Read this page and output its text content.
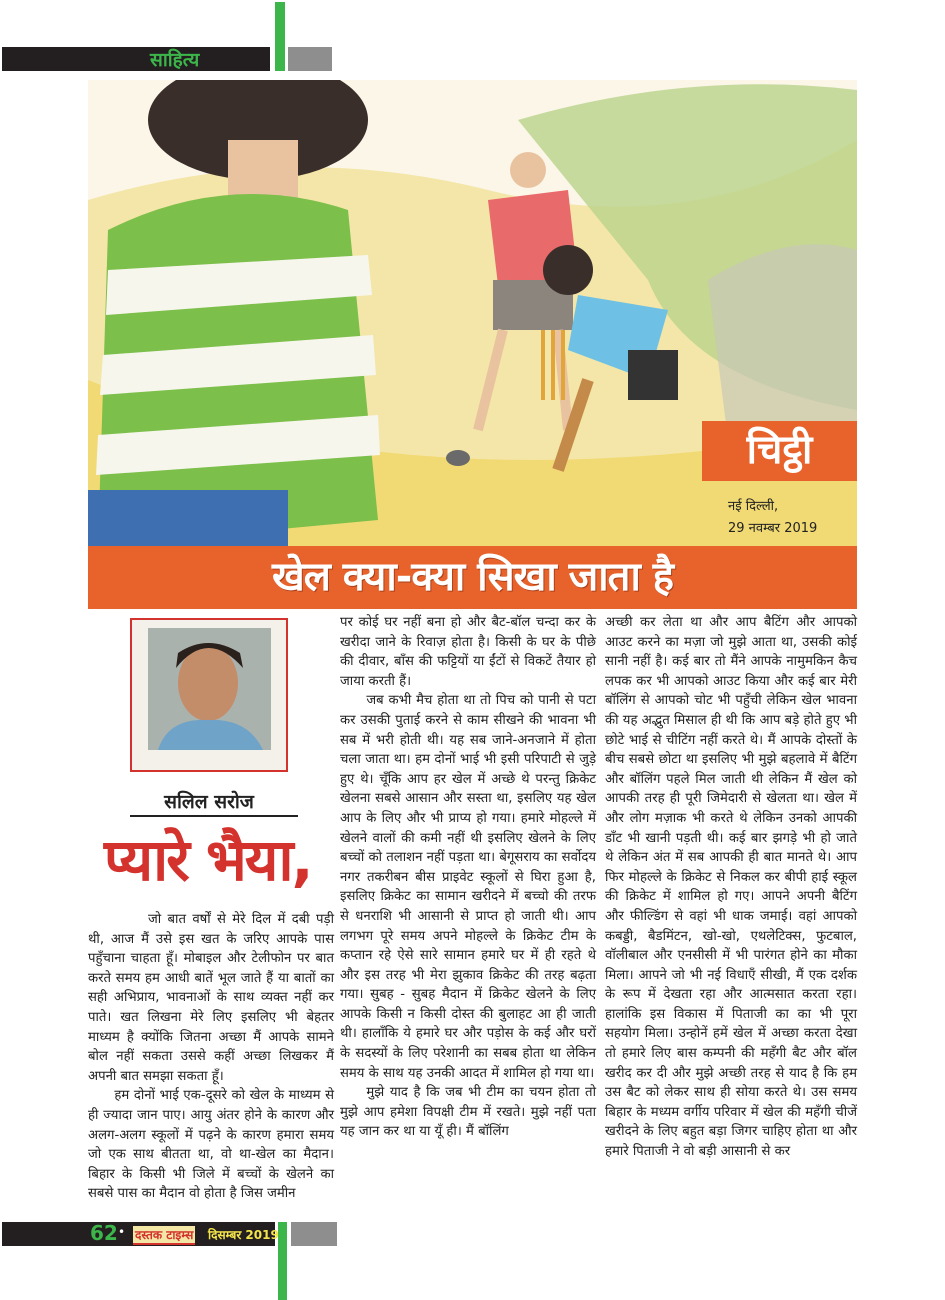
साहित्य
चिट्ठी
नई दिल्ली,
29 नवम्बर 2019
खेल क्या-क्या सिखा जाता है
सलिल सरोज
प्यारे भैया,

जो बात वर्षों से मेरे दिल में दबी पड़ी थी, आज मैं उसे इस खत के जरिए आपके पास पहुँचाना चाहता हूँ। मोबाइल और टेलीफोन पर बात करते समय हम आधी बातें भूल जाते हैं या बातों का सही अभिप्राय, भावनाओं के साथ व्यक्त नहीं कर पाते। खत लिखना मेरे लिए इसलिए भी बेहतर माध्यम है क्योंकि जितना अच्छा मैं आपके सामने बोल नहीं सकता उससे कहीं अच्छा लिखकर मैं अपनी बात समझा सकता हूँ।

हम दोनों भाई एक-दूसरे को खेल के माध्यम से ही ज्यादा जान पाए। आयु अंतर होने के कारण और अलग-अलग स्कूलों में पढ़ने के कारण हमारा समय जो एक साथ बीतता था, वो था-खेल का मैदान। बिहार के किसी भी जिले में बच्चों के खेलने का सबसे पास का मैदान वो होता है जिस जमीन

पर कोई घर नहीं बना हो और बैट-बॉल चन्दा कर के खरीदा जाने के रिवाज़ होता है। किसी के घर के पीछे की दीवार, बाँस की फट्टियों या ईंटों से विकटें तैयार हो जाया करती हैं।

जब कभी मैच होता था तो पिच को पानी से पटा कर उसकी पुताई करने से काम सीखने की भावना भी सब में भरी होती थी। यह सब जाने-अनजाने में होता चला जाता था। हम दोनों भाई भी इसी परिपाटी से जुड़े हुए थे। चूँकि आप हर खेल में अच्छे थे परन्तु क्रिकेट खेलना सबसे आसान और सस्ता था, इसलिए यह खेल आप के लिए और भी प्राप्य हो गया। हमारे मोहल्ले में खेलने वालों की कमी नहीं थी इसलिए खेलने के लिए बच्चों को तलाशन नहीं पड़ता था। बेगूसराय का सर्वोदय नगर तकरीबन बीस प्राइवेट स्कूलों से घिरा हुआ है, इसलिए क्रिकेट का सामान खरीदने में बच्चो की तरफ से धनराशि भी आसानी से प्राप्त हो जाती थी। आप लगभग पूरे समय अपने मोहल्ले के क्रिकेट टीम के कप्तान रहे ऐसे सारे सामान हमारे घर में ही रहते थे और इस तरह भी मेरा झुकाव क्रिकेट की तरह बढ़ता गया। सुबह - सुबह मैदान में क्रिकेट खेलने के लिए आपके किसी न किसी दोस्त की बुलाहट आ ही जाती थी। हालाँकि ये हमारे घर और पड़ोस के कई और घरों के सदस्यों के लिए परेशानी का सबब होता था लेकिन समय के साथ यह उनकी आदत में शामिल हो गया था।

मुझे याद है कि जब भी टीम का चयन होता तो मुझे आप हमेशा विपक्षी टीम में रखते। मुझे नहीं पता यह जान कर था या यूँ ही। मैं बॉलिंग

अच्छी कर लेता था और आप बैटिंग और आपको आउट करने का मज़ा जो मुझे आता था, उसकी कोई सानी नहीं है। कई बार तो मैंने आपके नामुमकिन कैच लपक कर भी आपको आउट किया और कई बार मेरी बॉलिंग से आपको चोट भी पहुँची लेकिन खेल भावना की यह अद्भुत मिसाल ही थी कि आप बड़े होते हुए भी छोटे भाई से चीटिंग नहीं करते थे। मैं आपके दोस्तों के बीच सबसे छोटा था इसलिए भी मुझे बहलावे में बैटिंग और बॉलिंग पहले मिल जाती थी लेकिन मैं खेल को आपकी तरह ही पूरी जिमेदारी से खेलता था। खेल में और लोग मज़ाक भी करते थे लेकिन उनको आपकी डाँट भी खानी पड़ती थी। कई बार झगड़े भी हो जाते थे लेकिन अंत में सब आपकी ही बात मानते थे। आप फिर मोहल्ले के क्रिकेट से निकल कर बीपी हाई स्कूल की क्रिकेट में शामिल हो गए। आपने अपनी बैटिंग और फील्डिंग से वहां भी धाक जमाई। वहां आपको कबड्डी, बैडमिंटन, खो-खो, एथलेटिक्स, फुटबाल, वॉलीबाल और एनसीसी में भी पारंगत होने का मौका मिला। आपने जो भी नई विधाएँ सीखी, मैं एक दर्शक के रूप में देखता रहा और आत्मसात करता रहा। हालांकि इस विकास में पिताजी का का भी पूरा सहयोग मिला। उन्होनें हमें खेल में अच्छा करता देखा तो हमारे लिए बास कम्पनी की महँगी बैट और बॉल खरीद कर दी और मुझे अच्छी तरह से याद है कि हम उस बैट को लेकर साथ ही सोया करते थे। उस समय बिहार के मध्यम वर्गीय परिवार में खेल की महँगी चीजें खरीदने के लिए बहुत बड़ा जिगर चाहिए होता था और हमारे पिताजी ने वो बड़ी आसानी से कर

62 • दस्तक टाइम्स दिसम्बर 2019
